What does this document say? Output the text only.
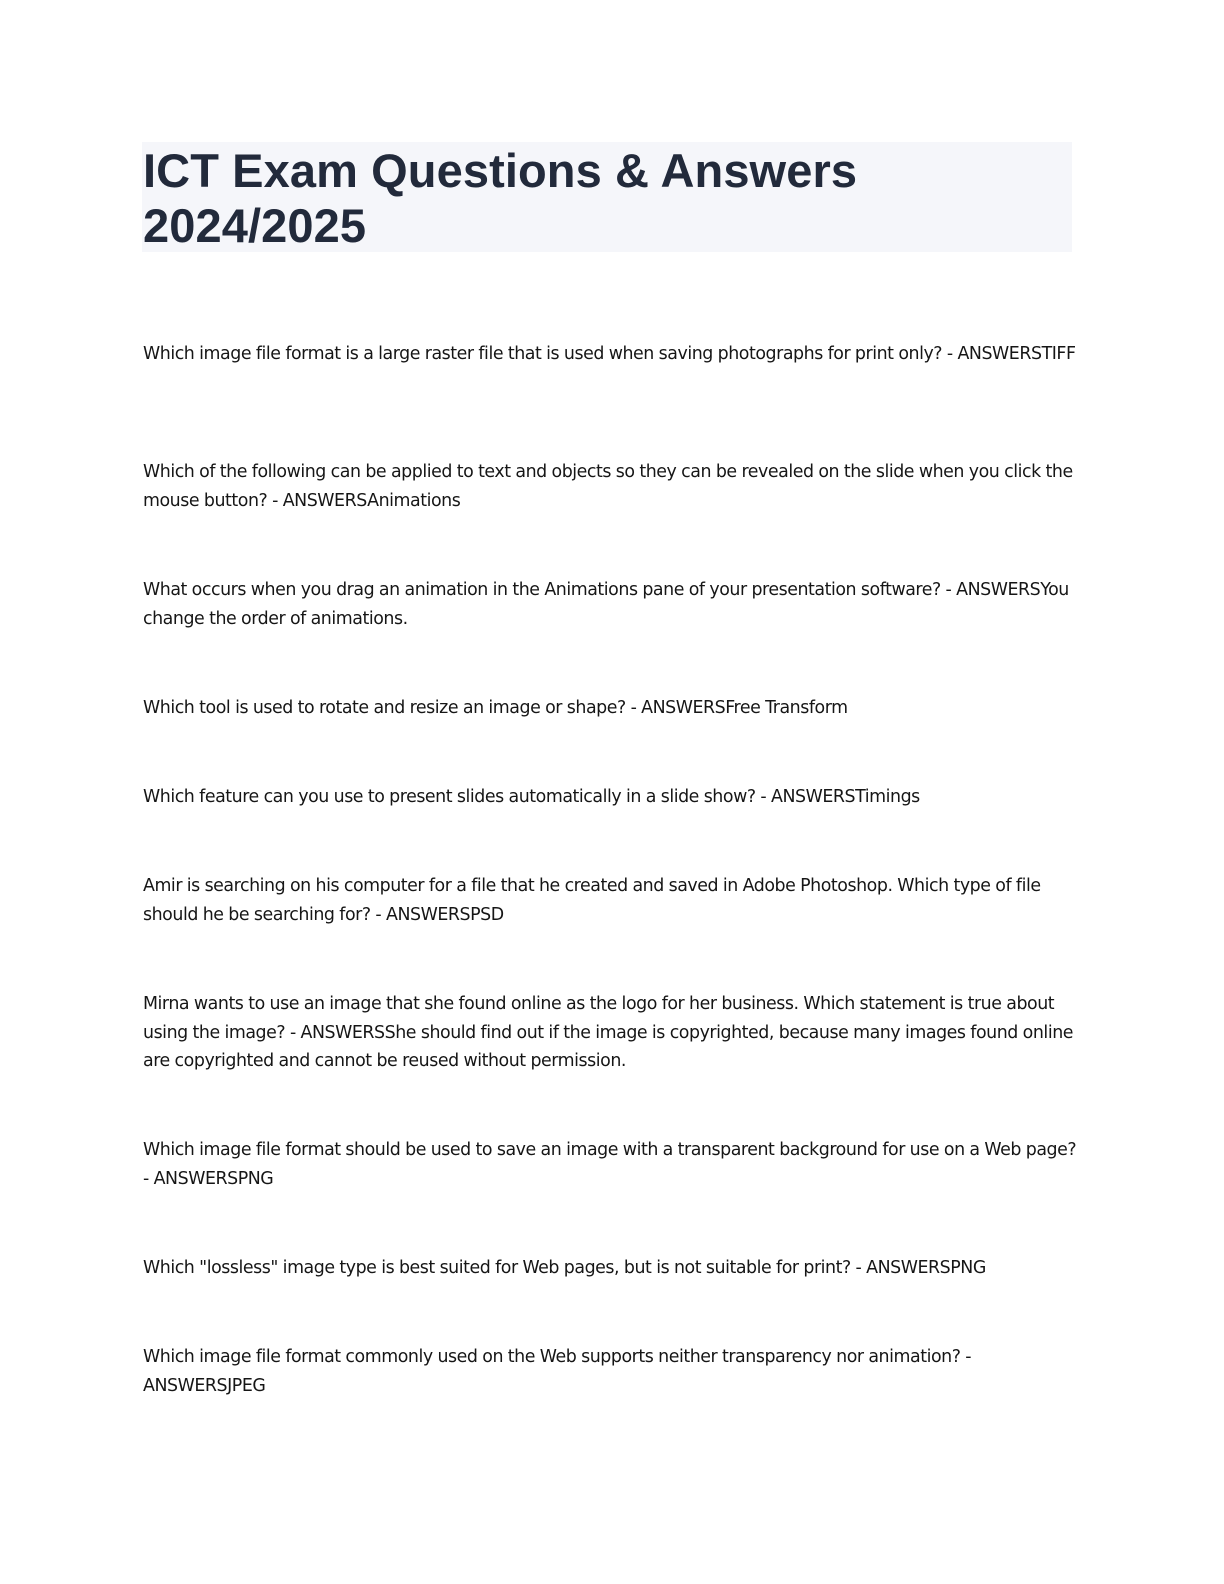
ICT Exam Questions & Answers 2024/2025

Which image file format is a large raster file that is used when saving photographs for print only? - ANSWERSTIFF

Which of the following can be applied to text and objects so they can be revealed on the slide when you click the mouse button? - ANSWERSAnimations

What occurs when you drag an animation in the Animations pane of your presentation software? - ANSWERSYou change the order of animations.

Which tool is used to rotate and resize an image or shape? - ANSWERSFree Transform

Which feature can you use to present slides automatically in a slide show? - ANSWERSTimings

Amir is searching on his computer for a file that he created and saved in Adobe Photoshop. Which type of file should he be searching for? - ANSWERSPSD

Mirna wants to use an image that she found online as the logo for her business. Which statement is true about using the image? - ANSWERSShe should find out if the image is copyrighted, because many images found online are copyrighted and cannot be reused without permission.

Which image file format should be used to save an image with a transparent background for use on a Web page? - ANSWERSPNG

Which "lossless" image type is best suited for Web pages, but is not suitable for print? - ANSWERSPNG

Which image file format commonly used on the Web supports neither transparency nor animation? - ANSWERSJPEG
